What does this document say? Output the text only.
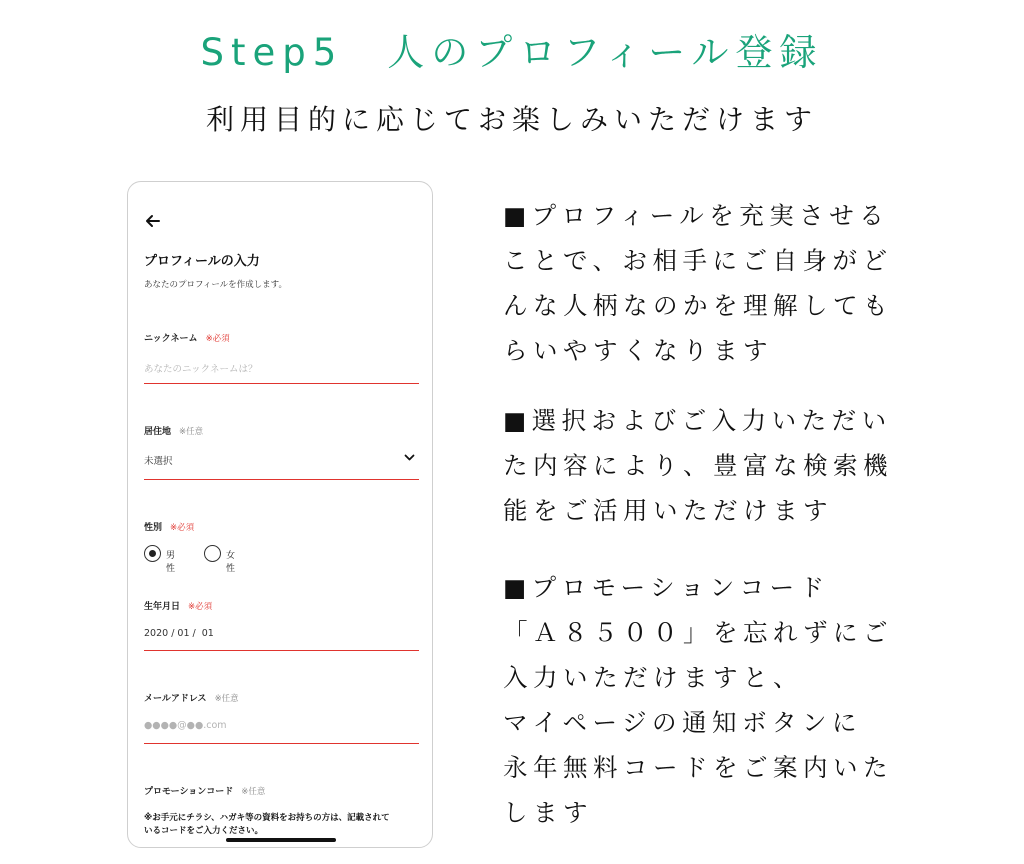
Step5　人のプロフィール登録
利用目的に応じてお楽しみいただけます
プロフィールの入力
あなたのプロフィールを作成します。
ニックネーム ※必須
あなたのニックネームは？
居住地 ※任意
未選択
性別 ※必須
男性
女性
生年月日 ※必須
2020 / 01 /  01
メールアドレス ※任意
●●●●@●●.com
プロモーションコード ※任意
※お手元にチラシ、ハガキ等の資料をお持ちの方は、記載されて
いるコードをご入力ください。
■プロフィールを充実させる
ことで、お相手にご自身がど
んな人柄なのかを理解しても
らいやすくなります
■選択およびご入力いただい
た内容により、豊富な検索機
能をご活用いただけます
■プロモーションコード
「Ａ８５００」を忘れずにご
入力いただけますと、
マイページの通知ボタンに
永年無料コードをご案内いた
します
